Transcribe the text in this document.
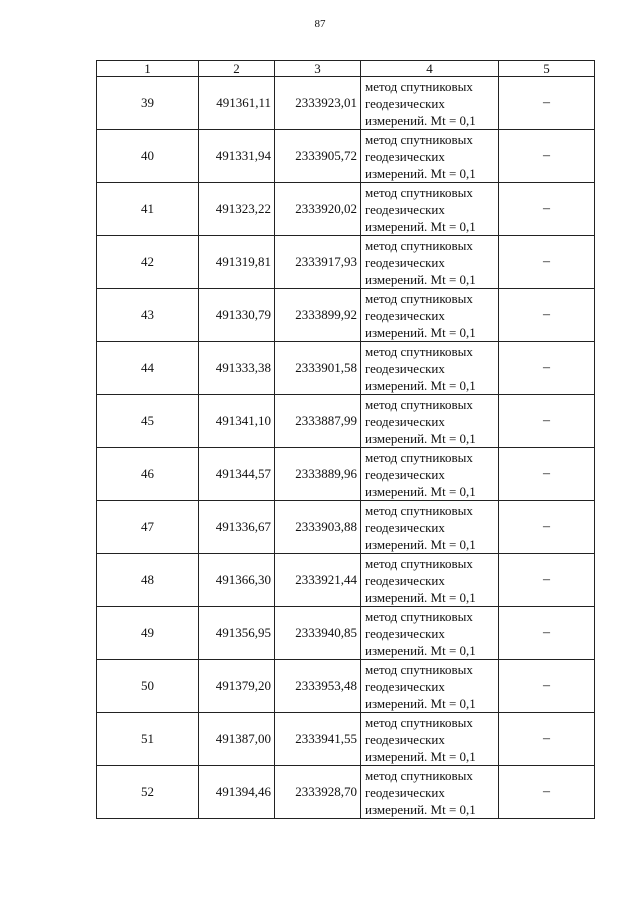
87
1	2	3	4	5
39	491361,11	2333923,01	метод спутниковых геодезических измерений. Mt = 0,1	–
40	491331,94	2333905,72	метод спутниковых геодезических измерений. Mt = 0,1	–
41	491323,22	2333920,02	метод спутниковых геодезических измерений. Mt = 0,1	–
42	491319,81	2333917,93	метод спутниковых геодезических измерений. Mt = 0,1	–
43	491330,79	2333899,92	метод спутниковых геодезических измерений. Mt = 0,1	–
44	491333,38	2333901,58	метод спутниковых геодезических измерений. Mt = 0,1	–
45	491341,10	2333887,99	метод спутниковых геодезических измерений. Mt = 0,1	–
46	491344,57	2333889,96	метод спутниковых геодезических измерений. Mt = 0,1	–
47	491336,67	2333903,88	метод спутниковых геодезических измерений. Mt = 0,1	–
48	491366,30	2333921,44	метод спутниковых геодезических измерений. Mt = 0,1	–
49	491356,95	2333940,85	метод спутниковых геодезических измерений. Mt = 0,1	–
50	491379,20	2333953,48	метод спутниковых геодезических измерений. Mt = 0,1	–
51	491387,00	2333941,55	метод спутниковых геодезических измерений. Mt = 0,1	–
52	491394,46	2333928,70	метод спутниковых геодезических измерений. Mt = 0,1	–
